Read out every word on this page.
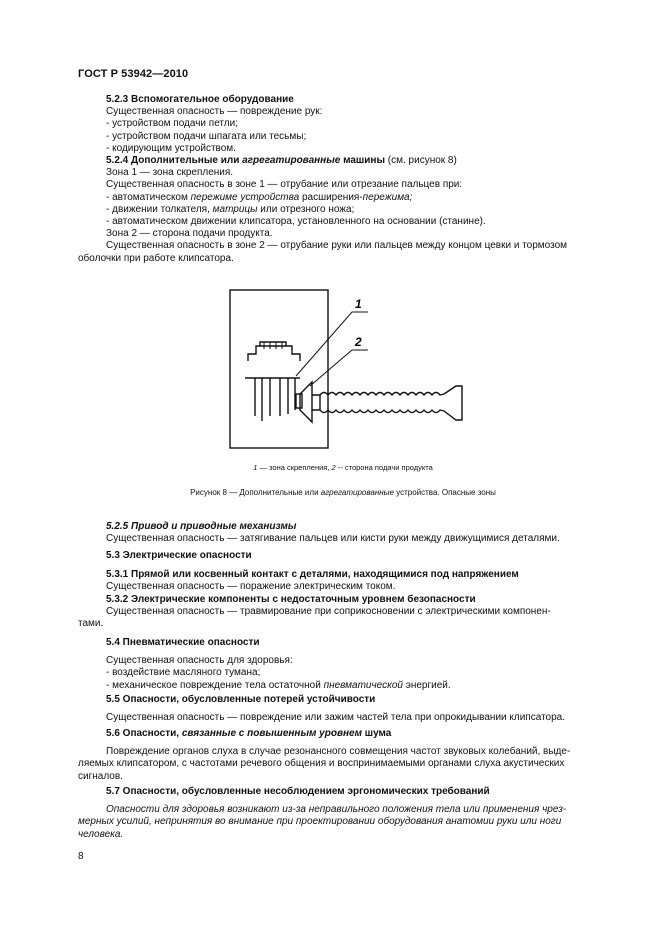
ГОСТ Р 53942—2010
5.2.3 Вспомогательное оборудование
Существенная опасность — повреждение рук:
- устройством подачи петли;
- устройством подачи шпагата или тесьмы;
- кодирующим устройством.
5.2.4 Дополнительные или агрегатированные машины (см. рисунок 8)
Зона 1 — зона скрепления.
Существенная опасность в зоне 1 — отрубание или отрезание пальцев при:
- автоматическом пережиме устройства расширения-пережима;
- движении толкателя, матрицы или отрезного ножа;
- автоматическом движении клипсатора, установленного на основании (станине).
Зона 2 — сторона подачи продукта.
Существенная опасность в зоне 2 — отрубание руки или пальцев между концом цевки и тормозом
оболочки при работе клипсатора.
1
2
1 — зона скрепления, 2 -- сторона подачи продукта
Рисунок 8 — Дополнительные или агрегатированные устройства. Опасные зоны
5.2.5 Привод и приводные механизмы
Существенная опасность — затягивание пальцев или кисти руки между движущимися деталями.
5.3 Электрические опасности
5.3.1 Прямой или косвенный контакт с деталями, находящимися под напряжением
Существенная опасность — поражение электрическим током.
5.3.2 Электрические компоненты с недостаточным уровнем безопасности
Существенная опасность — травмирование при соприкосновении с электрическими компонен-
тами.
5.4 Пневматические опасности
Существенная опасность для здоровья:
- воздействие масляного тумана;
- механическое повреждение тела остаточной пневматической энергией.
5.5 Опасности, обусловленные потерей устойчивости
Существенная опасность — повреждение или зажим частей тела при опрокидывании клипсатора.
5.6 Опасности, связанные с повышенным уровнем шума
Повреждение органов слуха в случае резонансного совмещения частот звуковых колебаний, выде-
ляемых клипсатором, с частотами речевого общения и воспринимаемыми органами слуха акустических
сигналов.
5.7 Опасности, обусловленные несоблюдением эргономических требований
Опасности для здоровья возникают из-за неправильного положения тела или применения чрез-
мерных усилий, непринятия во внимание при проектировании оборудования анатомии руки или ноги
человека.
8
